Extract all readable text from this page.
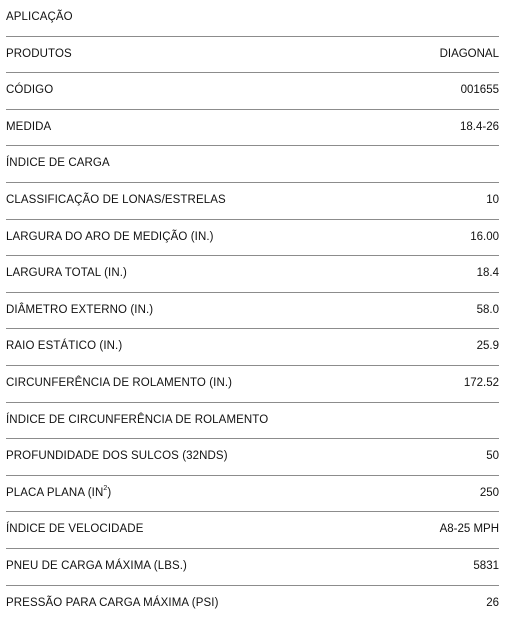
APLICAÇÃO
PRODUTOS	DIAGONAL
CÓDIGO	001655
MEDIDA	18.4-26
ÍNDICE DE CARGA
CLASSIFICAÇÃO DE LONAS/ESTRELAS	10
LARGURA DO ARO DE MEDIÇÃO (IN.)	16.00
LARGURA TOTAL (IN.)	18.4
DIÂMETRO EXTERNO (IN.)	58.0
RAIO ESTÁTICO (IN.)	25.9
CIRCUNFERÊNCIA DE ROLAMENTO (IN.)	172.52
ÍNDICE DE CIRCUNFERÊNCIA DE ROLAMENTO
PROFUNDIDADE DOS SULCOS (32NDS)	50
PLACA PLANA $(IN^2)$	250
ÍNDICE DE VELOCIDADE	A8-25 MPH
PNEU DE CARGA MÁXIMA (LBS.)	5831
PRESSÃO PARA CARGA MÁXIMA (PSI)	26
